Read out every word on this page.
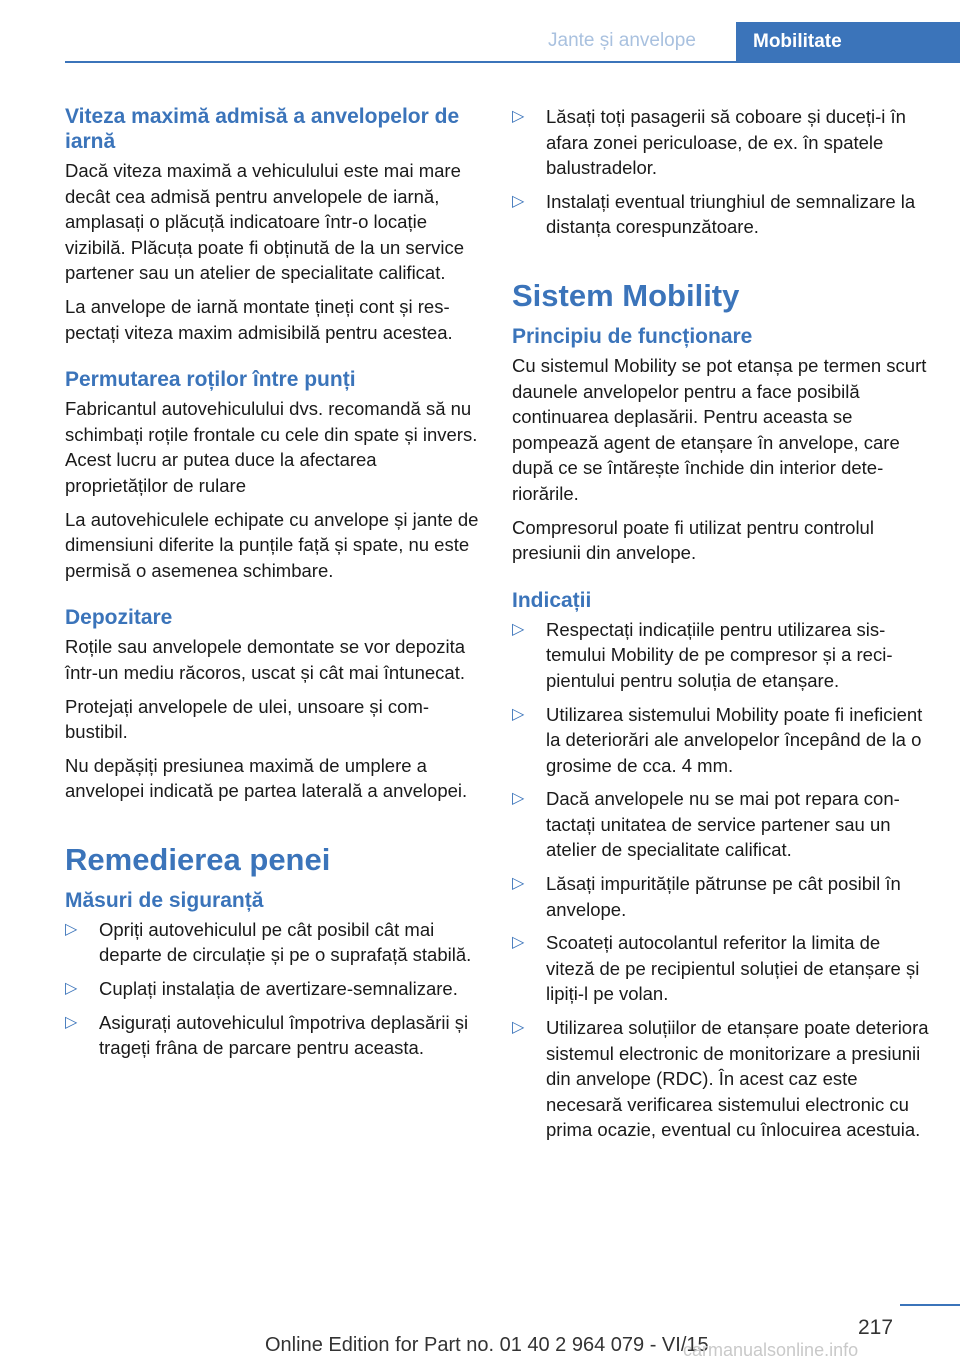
Jante și anvelope	Mobilitate
Viteza maximă admisă a anvelopelor de iarnă

Dacă viteza maximă a vehiculului este mai mare decât cea admisă pentru anvelopele de iarnă, amplasați o plăcuță indicatoare într-o locație vizibilă. Plăcuța poate fi obținută de la un service partener sau un atelier de specialitate calificat.

La anvelope de iarnă montate țineți cont și respectați viteza maxim admisibilă pentru acestea.

Permutarea roților între punți

Fabricantul autovehiculului dvs. recomandă să nu schimbați roțile frontale cu cele din spate și invers. Acest lucru ar putea duce la afectarea proprietăților de rulare

La autovehiculele echipate cu anvelope și jante de dimensiuni diferite la punțile față și spate, nu este permisă o asemenea schimbare.

Depozitare

Roțile sau anvelopele demontate se vor depozita într-un mediu răcoros, uscat și cât mai întunecat.

Protejați anvelopele de ulei, unsoare și combustibil.

Nu depășiți presiunea maximă de umplere a anvelopei indicată pe partea laterală a anvelopei.

Remedierea penei
Măsuri de siguranță
▷ Opriți autovehiculul pe cât posibil cât mai departe de circulație și pe o suprafață stabilă.
▷ Cuplați instalația de avertizare-semnalizare.
▷ Asigurați autovehiculul împotriva deplasării și trageți frâna de parcare pentru aceasta.
▷ Lăsați toți pasagerii să coboare și duceți-i în afara zonei periculoase, de ex. în spatele balustradelor.
▷ Instalați eventual triunghiul de semnalizare la distanța corespunzătoare.
Sistem Mobility
Principiu de funcționare

Cu sistemul Mobility se pot etanșa pe termen scurt daunele anvelopelor pentru a face posibilă continuarea deplasării. Pentru aceasta se pompează agent de etanșare în anvelope, care după ce se întărește închide din interior deteriorările.

Compresorul poate fi utilizat pentru controlul presiunii din anvelope.

Indicații
▷ Respectați indicațiile pentru utilizarea sistemului Mobility de pe compresor și a recipientului pentru soluția de etanșare.
▷ Utilizarea sistemului Mobility poate fi ineficient la deteriorări ale anvelopelor începând de la o grosime de cca. 4 mm.
▷ Dacă anvelopele nu se mai pot repara contactați unitatea de service partener sau un atelier de specialitate calificat.
▷ Lăsați impuritățile pătrunse pe cât posibil în anvelope.
▷ Scoateți autocolantul referitor la limita de viteză de pe recipientul soluției de etanșare și lipiți-l pe volan.
▷ Utilizarea soluțiilor de etanșare poate deteriora sistemul electronic de monitorizare a presiunii din anvelope (RDC). În acest caz este necesară verificarea sistemului electronic cu prima ocazie, eventual cu înlocuirea acestuia.
217
Online Edition for Part no. 01 40 2 964 079 - VI/15
carmanualsonline.info
